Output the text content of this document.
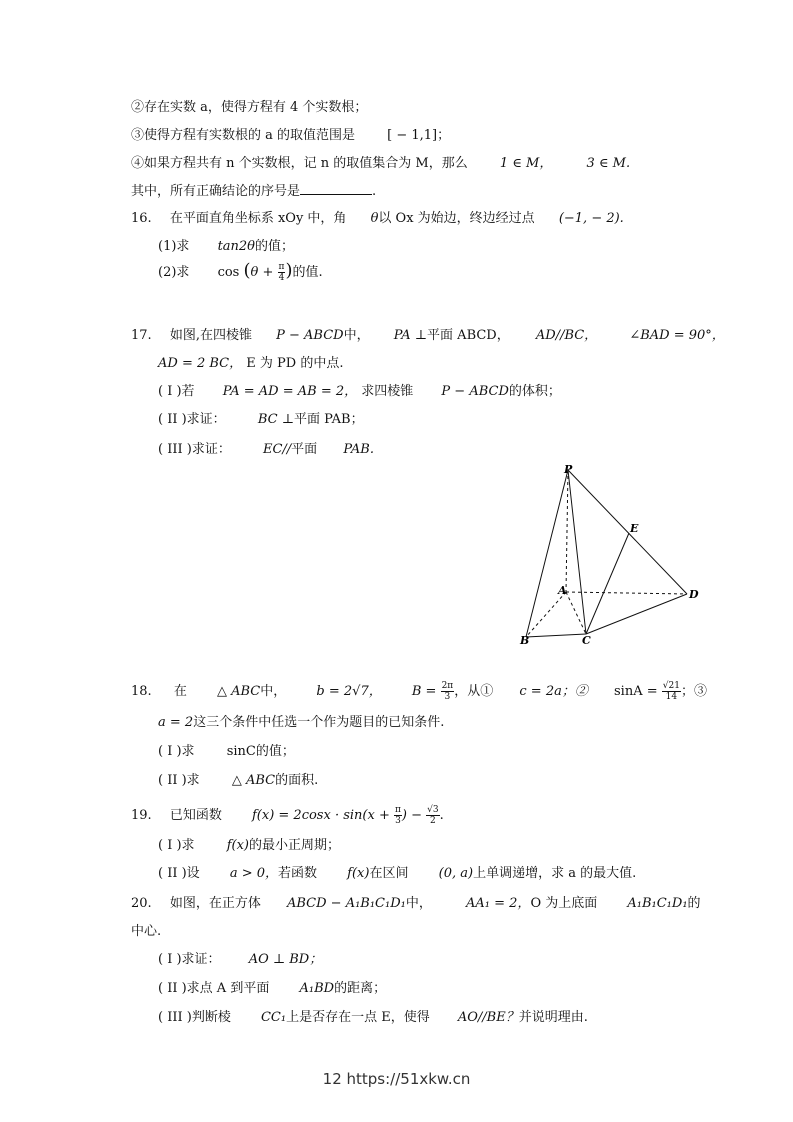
②存在实数 a，使得方程有 4 个实数根；
③使得方程有实数根的 a 的取值范围是 [ − 1,1]；
④如果方程共有 n 个实数根，记 n 的取值集合为 M，那么 1 ∈ M，	3 ∈ M.
其中，所有正确结论的序号是	.
16. 在平面直角坐标系 xOy 中，角 θ以 Ox 为始边，终边经过点 (−1, − 2).
(1)求 tan2θ的值；
(2)求 $\cos (\theta + \frac{\pi}{4}$ )的值.
17. 如图,在四棱锥 P − ABCD中， PA ⊥平面 ABCD， AD//BC， ∠BAD = 90°，
AD = 2 BC， E 为 PD 的中点.
( I )若 PA = AD = AB = 2， 求四棱锥 P − ABCD的体积；
( II )求证： BC ⊥平面 PAB；
( III )求证： EC//平面 PAB.
P
E
A	D
B	C
18. 在 △ ABC中， b = 2√7， $B = \frac{2\pi}{3}$ ，从① c = 2a；② $\sin A = \frac{√21}{14}$ ；③
a = 2这三个条件中任选一个作为题目的已知条件.
( I )求 sinC的值；
( II )求 △ ABC的面积.
19. 已知函数 $f(x) = 2\cos x \cdot \sin(x + \frac{\pi}{3}$ ) − $\frac{√3}{2}$ .
( I )求 f(x)的最小正周期；
( II )设 a > 0，若函数 f(x)在区间 (0, a)上单调递增，求 a 的最大值.
20. 如图，在正方体 ABCD − A₁B₁C₁D₁中，	AA₁ = 2，O 为上底面 A₁B₁C₁D₁的
中心.
( I )求证： AO ⊥ BD；
( II )求点 A 到平面 A₁BD的距离；
( III )判断棱 CC₁上是否存在一点 E，使得 AO//BE？并说明理由.
12 https://51xkw.cn
